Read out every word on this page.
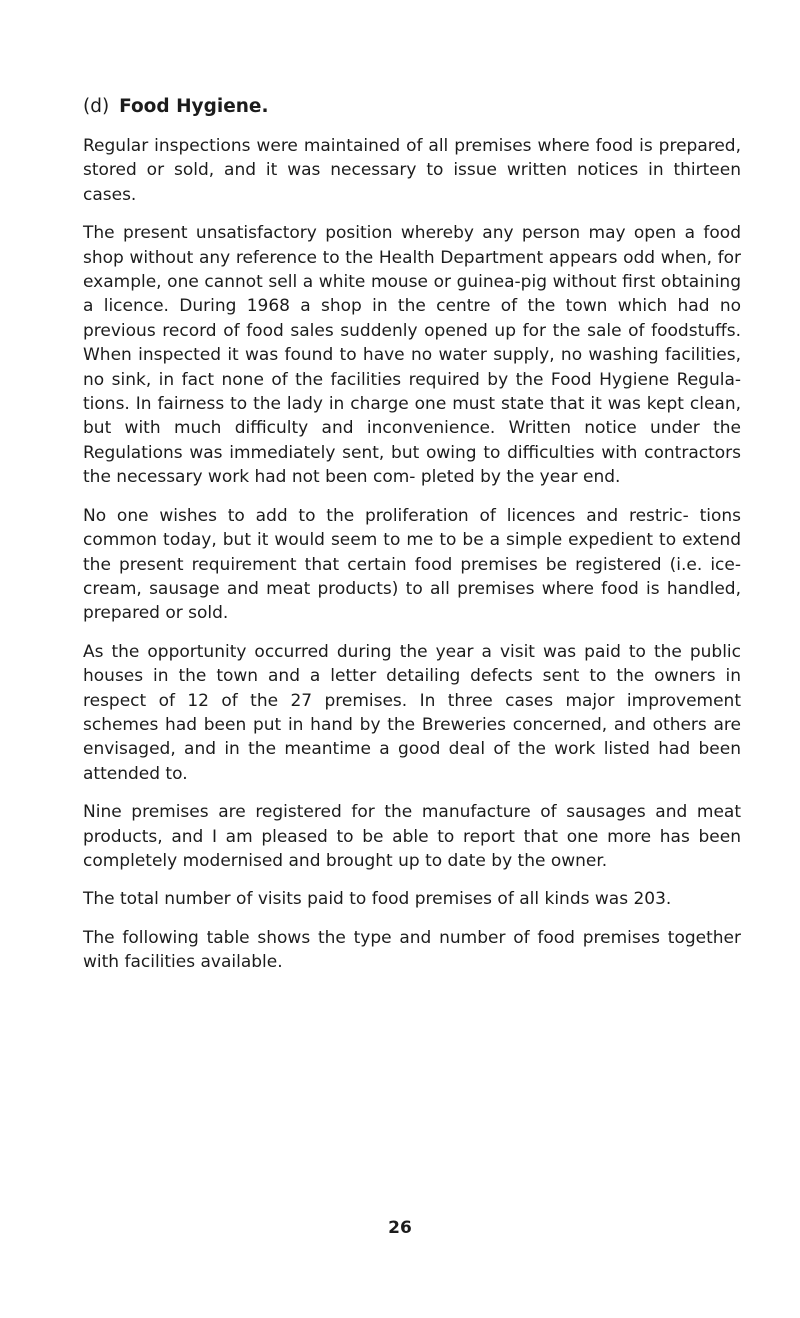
(d) Food Hygiene.

Regular inspections were maintained of all premises where food is prepared, stored or sold, and it was necessary to issue written notices in thirteen cases.

The present unsatisfactory position whereby any person may open a food shop without any reference to the Health Department appears odd when, for example, one cannot sell a white mouse or guinea-pig without first obtaining a licence. During 1968 a shop in the centre of the town which had no previous record of food sales suddenly opened up for the sale of foodstuffs. When inspected it was found to have no water supply, no washing facilities, no sink, in fact none of the facilities required by the Food Hygiene Regula- tions. In fairness to the lady in charge one must state that it was kept clean, but with much difficulty and inconvenience. Written notice under the Regulations was immediately sent, but owing to difficulties with contractors the necessary work had not been com- pleted by the year end.

No one wishes to add to the proliferation of licences and restric- tions common today, but it would seem to me to be a simple expedient to extend the present requirement that certain food premises be registered (i.e. ice-cream, sausage and meat products) to all premises where food is handled, prepared or sold.

As the opportunity occurred during the year a visit was paid to the public houses in the town and a letter detailing defects sent to the owners in respect of 12 of the 27 premises. In three cases major improvement schemes had been put in hand by the Breweries concerned, and others are envisaged, and in the meantime a good deal of the work listed had been attended to.

Nine premises are registered for the manufacture of sausages and meat products, and I am pleased to be able to report that one more has been completely modernised and brought up to date by the owner.

The total number of visits paid to food premises of all kinds was 203.

The following table shows the type and number of food premises together with facilities available.

26
